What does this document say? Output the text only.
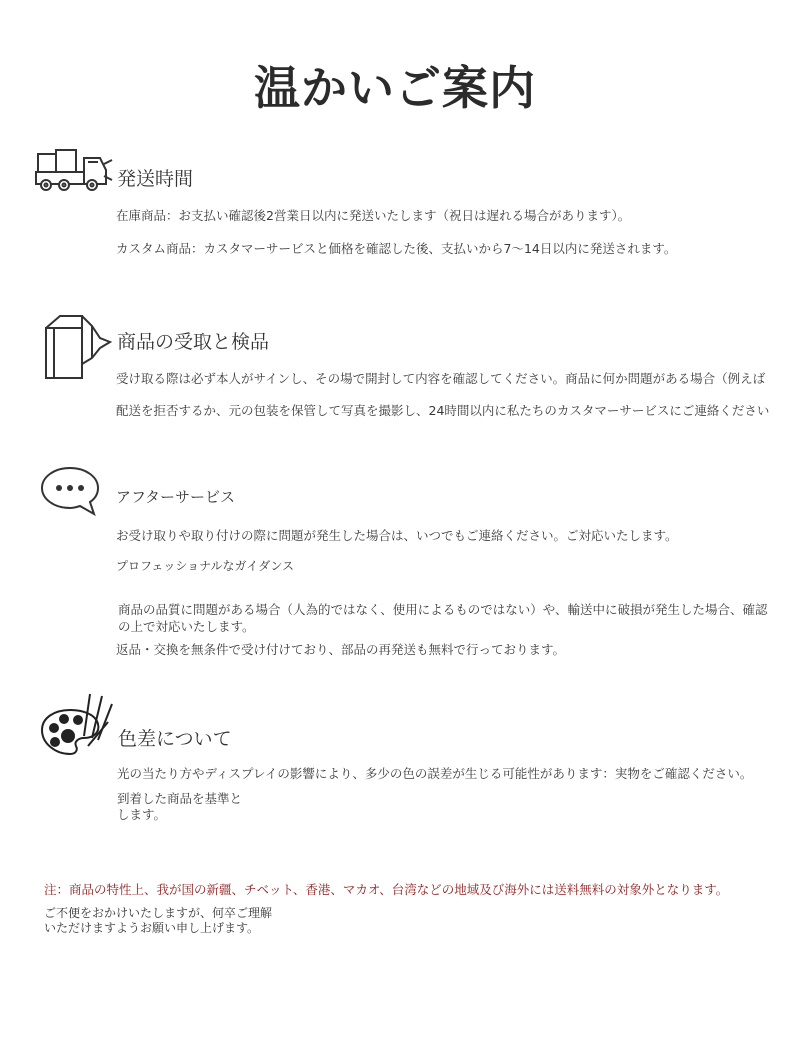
温かいご案内
発送時間
在庫商品：お支払い確認後2営業日以内に発送いたします（祝日は遅れる場合があります）。
カスタム商品：カスタマーサービスと価格を確認した後、支払いから7〜14日以内に発送されます。
商品の受取と検品
受け取る際は必ず本人がサインし、その場で開封して内容を確認してください。商品に何か問題がある場合（例えば
配送を拒否するか、元の包装を保管して写真を撮影し、24時間以内に私たちのカスタマーサービスにご連絡ください
アフターサービス
お受け取りや取り付けの際に問題が発生した場合は、いつでもご連絡ください。ご対応いたします。
プロフェッショナルなガイダンス
商品の品質に問題がある場合（人為的ではなく、使用によるものではない）や、輸送中に破損が発生した場合、確認
の上で対応いたします。
返品・交換を無条件で受け付けており、部品の再発送も無料で行っております。
色差について
光の当たり方やディスプレイの影響により、多少の色の誤差が生じる可能性があります：実物をご確認ください。
到着した商品を基準と
します。
注：商品の特性上、我が国の新疆、チベット、香港、マカオ、台湾などの地域及び海外には送料無料の対象外となります。
ご不便をおかけいたしますが、何卒ご理解
いただけますようお願い申し上げます。
